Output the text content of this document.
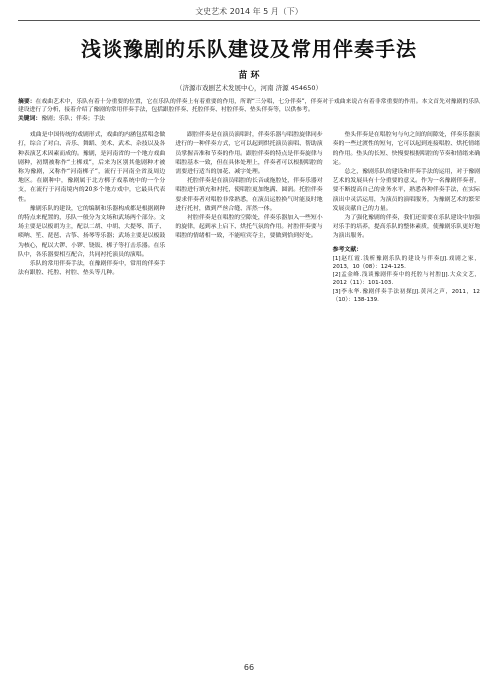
文史艺术 2014 年 5 月（下）
浅谈豫剧的乐队建设及常用伴奏手法
苗 环
（济源市戏剧艺术发展中心，河南 济源 454650）

摘要：在戏曲艺术中，乐队有着十分重要的位置，它在乐队的伴奏上有着重要的作用，所谓“三分唱，七分伴奏”，伴奏对于戏曲来说占有着非常重要的作用。本文首先对豫剧的乐队建设进行了分析，接着介绍了豫剧的常用伴奏手法，包括跟腔伴奏、托腔伴奏、衬腔伴奏、垫头伴奏等，以供参考。

关键词：豫剧；乐队；伴奏；手法

戏曲是中国传统的戏剧形式，戏曲的内涵包括唱念做打，综合了对白、音乐、舞蹈、美术、武术、杂技以及各种表演艺术因素而成的。豫剧，是河南省的一个地方戏曲剧种，初期被称作“土梆戏”，后来为区别其他剧种才被称为豫剧，又称作“河南梆子”，流行于河南全省及周边地区。在剧种中，豫剧属于北方梆子戏系统中的一个分支，在流行于河南境内的20多个地方戏中，它最具代表性。

豫剧乐队的建设，它的编制和乐器构成都是根据剧种的特点来配置的，乐队一般分为文场和武场两个部分。文场主要是以板胡为主，配以二胡、中胡、大提琴、笛子、唢呐、笙、琵琶、古筝、扬琴等乐器；武场主要是以板鼓为核心，配以大锣、小锣、铙钹、梆子等打击乐器。在乐队中，各乐器要相互配合，共同衬托演员的演唱。

乐队的常用伴奏手法，在豫剧伴奏中，常用的伴奏手法有跟腔、托腔、衬腔、垫头等几种。

跟腔伴奏是在演员演唱时，伴奏乐器与唱腔旋律同步进行的一种伴奏方式，它可以起到烘托演员演唱、帮助演员掌握音准和节奏的作用。跟腔伴奏的特点是伴奏旋律与唱腔基本一致，但在具体处理上，伴奏者可以根据唱腔的需要进行适当的加花、减字处理。

托腔伴奏是在演员唱腔的长音或拖腔处，伴奏乐器对唱腔进行填充和衬托，使唱腔更加饱满、圆润。托腔伴奏要求伴奏者对唱腔非常熟悉，在演员运腔换气时能及时地进行托衬，做到严丝合缝、浑然一体。

衬腔伴奏是在唱腔的空隙处，伴奏乐器加入一些短小的旋律，起到承上启下、烘托气氛的作用。衬腔伴奏要与唱腔的情绪相一致，不能喧宾夺主，要做到恰到好处。

垫头伴奏是在唱腔句与句之间的间隙处，伴奏乐器演奏的一些过渡性的短句，它可以起到连接唱腔、烘托情绪的作用。垫头的长短、快慢要根据唱腔的节奏和情绪来确定。

总之，豫剧乐队的建设和伴奏手法的运用，对于豫剧艺术的发展具有十分重要的意义。作为一名豫剧伴奏者，要不断提高自己的业务水平，熟悉各种伴奏手法，在实际演出中灵活运用，为演员的演唱服务，为豫剧艺术的繁荣发展贡献自己的力量。

为了强化豫剧的伴奏，我们还需要在乐队建设中加强对乐手的培养，提高乐队的整体素质，使豫剧乐队更好地为演出服务。

参考文献：

[1]赵红霞.浅析豫剧乐队的建设与伴奏[J].戏剧之家，2013，10（08）：124-125.

[2]孟金峰.浅谈豫剧伴奏中的托腔与衬腔[J].大众文艺，2012（11）：101-103.

[3]李永华.豫剧伴奏手法初探[J].黄河之声，2011，12（10）：138-139.

66
